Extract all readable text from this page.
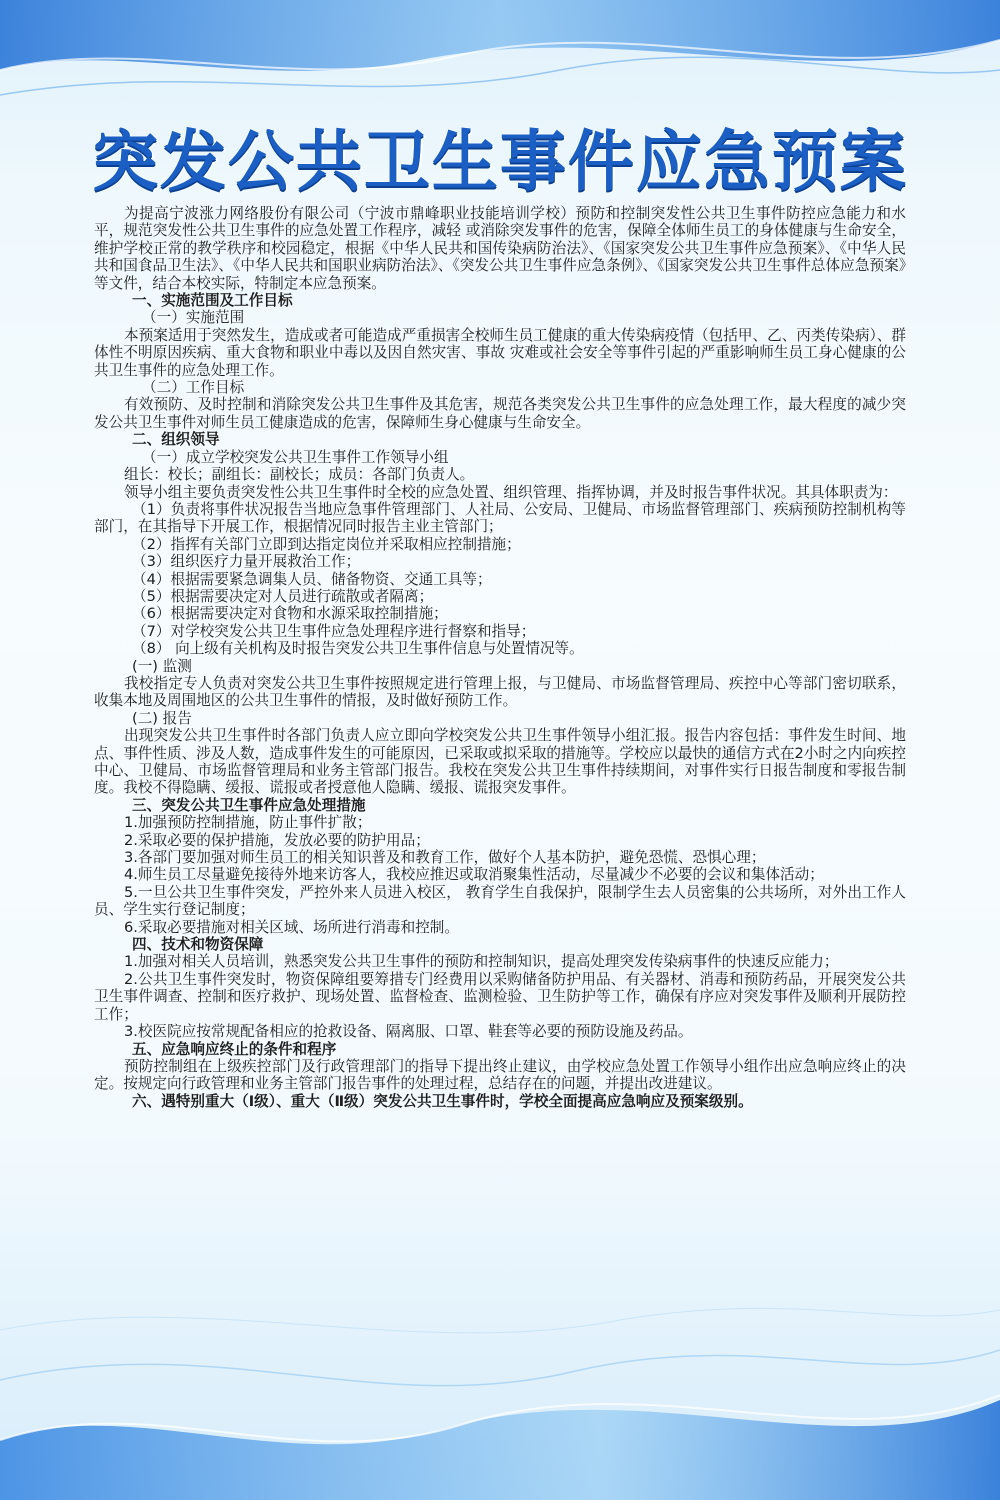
突发公共卫生事件应急预案

为提高宁波涨力网络股份有限公司（宁波市鼎峰职业技能培训学校）预防和控制突发性公共卫生事件防控应急能力和水平，规范突发性公共卫生事件的应急处置工作程序，减轻 或消除突发事件的危害，保障全体师生员工的身体健康与生命安全，维护学校正常的教学秩序和校园稳定，根据《中华人民共和国传染病防治法》、《国家突发公共卫生事件应急预案》、《中华人民共和国食品卫生法》、《中华人民共和国职业病防治法》、《突发公共卫生事件应急条例》、《国家突发公共卫生事件总体应急预案》等文件，结合本校实际，特制定本应急预案。

一、实施范围及工作目标

（一）实施范围

本预案适用于突然发生，造成或者可能造成严重损害全校师生员工健康的重大传染病疫情（包括甲、乙、丙类传染病）、群体性不明原因疾病、重大食物和职业中毒以及因自然灾害、事故 灾难或社会安全等事件引起的严重影响师生员工身心健康的公共卫生事件的应急处理工作。

（二）工作目标

有效预防、及时控制和消除突发公共卫生事件及其危害，规范各类突发公共卫生事件的应急处理工作，最大程度的减少突发公共卫生事件对师生员工健康造成的危害，保障师生身心健康与生命安全。

二、组织领导

（一）成立学校突发公共卫生事件工作领导小组

组长：校长；副组长：副校长；成员：各部门负责人。

领导小组主要负责突发性公共卫生事件时全校的应急处置、组织管理、指挥协调，并及时报告事件状况。其具体职责为：

（1）负责将事件状况报告当地应急事件管理部门、人社局、公安局、卫健局、市场监督管理部门、疾病预防控制机构等部门，在其指导下开展工作，根据情况同时报告主业主管部门；

（2）指挥有关部门立即到达指定岗位并采取相应控制措施；

（3）组织医疗力量开展救治工作；

（4）根据需要紧急调集人员、储备物资、交通工具等；

（5）根据需要决定对人员进行疏散或者隔离；

（6）根据需要决定对食物和水源采取控制措施；

（7）对学校突发公共卫生事件应急处理程序进行督察和指导；

（8） 向上级有关机构及时报告突发公共卫生事件信息与处置情况等。

(一) 监测

我校指定专人负责对突发公共卫生事件按照规定进行管理上报，与卫健局、市场监督管理局、疾控中心等部门密切联系，收集本地及周围地区的公共卫生事件的情报，及时做好预防工作。

(二) 报告

出现突发公共卫生事件时各部门负责人应立即向学校突发公共卫生事件领导小组汇报。报告内容包括：事件发生时间、地点、事件性质、涉及人数，造成事件发生的可能原因，已采取或拟采取的措施等。学校应以最快的通信方式在2小时之内向疾控中心、卫健局、市场监督管理局和业务主管部门报告。我校在突发公共卫生事件持续期间，对事件实行日报告制度和零报告制度。我校不得隐瞒、缓报、谎报或者授意他人隐瞒、缓报、谎报突发事件。

三、突发公共卫生事件应急处理措施

1.加强预防控制措施，防止事件扩散；

2.采取必要的保护措施，发放必要的防护用品；

3.各部门要加强对师生员工的相关知识普及和教育工作，做好个人基本防护，避免恐慌、恐惧心理；

4.师生员工尽量避免接待外地来访客人，我校应推迟或取消聚集性活动，尽量减少不必要的会议和集体活动；

5.一旦公共卫生事件突发，严控外来人员进入校区， 教育学生自我保护，限制学生去人员密集的公共场所，对外出工作人员、学生实行登记制度；

6.采取必要措施对相关区域、场所进行消毒和控制。

四、技术和物资保障

1.加强对相关人员培训，熟悉突发公共卫生事件的预防和控制知识，提高处理突发传染病事件的快速反应能力；

2.公共卫生事件突发时，物资保障组要筹措专门经费用以采购储备防护用品、有关器材、消毒和预防药品，开展突发公共卫生事件调查、控制和医疗救护、现场处置、监督检查、监测检验、卫生防护等工作，确保有序应对突发事件及顺利开展防控工作；

3.校医院应按常规配备相应的抢救设备、隔离服、口罩、鞋套等必要的预防设施及药品。

五、应急响应终止的条件和程序

预防控制组在上级疾控部门及行政管理部门的指导下提出终止建议，由学校应急处置工作领导小组作出应急响应终止的决定。按规定向行政管理和业务主管部门报告事件的处理过程，总结存在的问题，并提出改进建议。

六、遇特别重大（Ⅰ级）、重大（Ⅱ级）突发公共卫生事件时，学校全面提高应急响应及预案级别。
